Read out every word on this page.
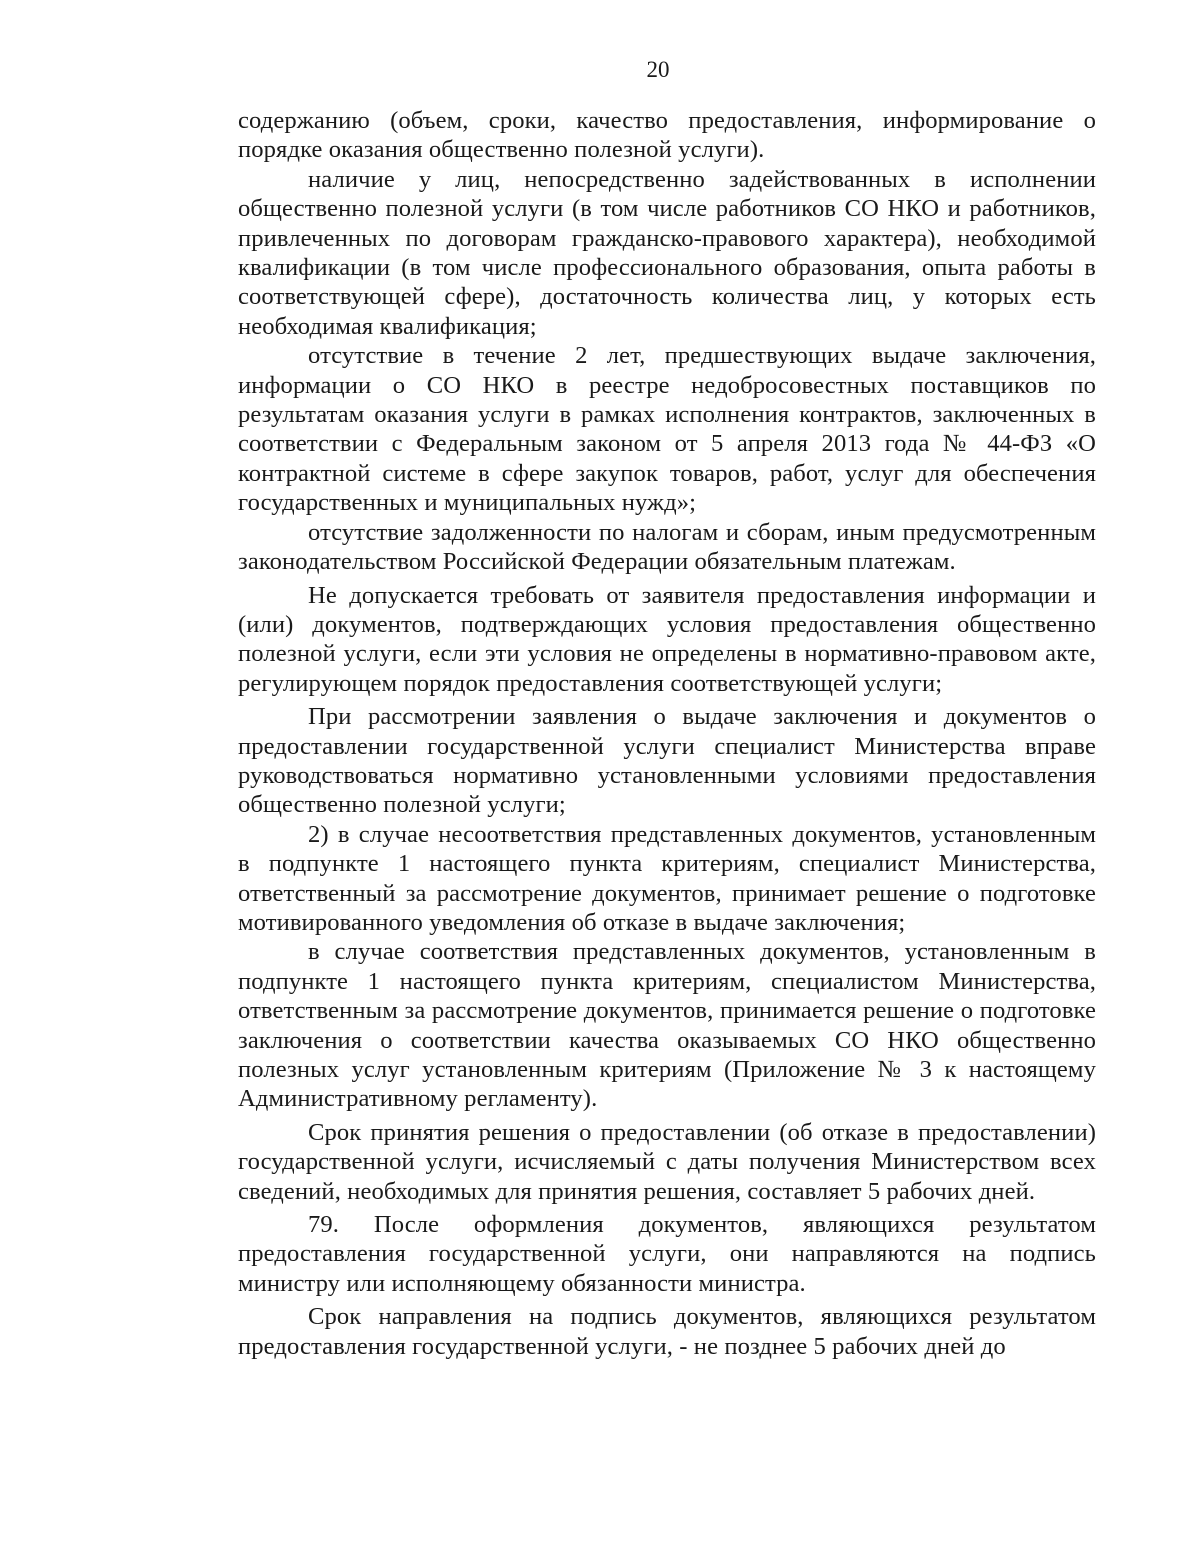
20

содержанию (объем, сроки, качество предоставления, информирование о порядке оказания общественно полезной услуги).

наличие у лиц, непосредственно задействованных в исполнении общественно полезной услуги (в том числе работников СО НКО и работников, привлеченных по договорам гражданско-правового характера), необходимой квалификации (в том числе профессионального образования, опыта работы в соответствующей сфере), достаточность количества лиц, у которых есть необходимая квалификация;

отсутствие в течение 2 лет, предшествующих выдаче заключения, информации о СО НКО в реестре недобросовестных поставщиков по результатам оказания услуги в рамках исполнения контрактов, заключенных в соответствии с Федеральным законом от 5 апреля 2013 года № 44-ФЗ «О контрактной системе в сфере закупок товаров, работ, услуг для обеспечения государственных и муниципальных нужд»;

отсутствие задолженности по налогам и сборам, иным предусмотренным законодательством Российской Федерации обязательным платежам.

Не допускается требовать от заявителя предоставления информации и (или) документов, подтверждающих условия предоставления общественно полезной услуги, если эти условия не определены в нормативно-правовом акте, регулирующем порядок предоставления соответствующей услуги;

При рассмотрении заявления о выдаче заключения и документов о предоставлении государственной услуги специалист Министерства вправе руководствоваться нормативно установленными условиями предоставления общественно полезной услуги;

2) в случае несоответствия представленных документов, установленным в подпункте 1 настоящего пункта критериям, специалист Министерства, ответственный за рассмотрение документов, принимает решение о подготовке мотивированного уведомления об отказе в выдаче заключения;

в случае соответствия представленных документов, установленным в подпункте 1 настоящего пункта критериям, специалистом Министерства, ответственным за рассмотрение документов, принимается решение о подготовке заключения о соответствии качества оказываемых СО НКО общественно полезных услуг установленным критериям (Приложение № 3 к настоящему Административному регламенту).

Срок принятия решения о предоставлении (об отказе в предоставлении) государственной услуги, исчисляемый с даты получения Министерством всех сведений, необходимых для принятия решения, составляет 5 рабочих дней.

79. После оформления документов, являющихся результатом предоставления государственной услуги, они направляются на подпись министру или исполняющему обязанности министра.

Срок направления на подпись документов, являющихся результатом предоставления государственной услуги, - не позднее 5 рабочих дней до
